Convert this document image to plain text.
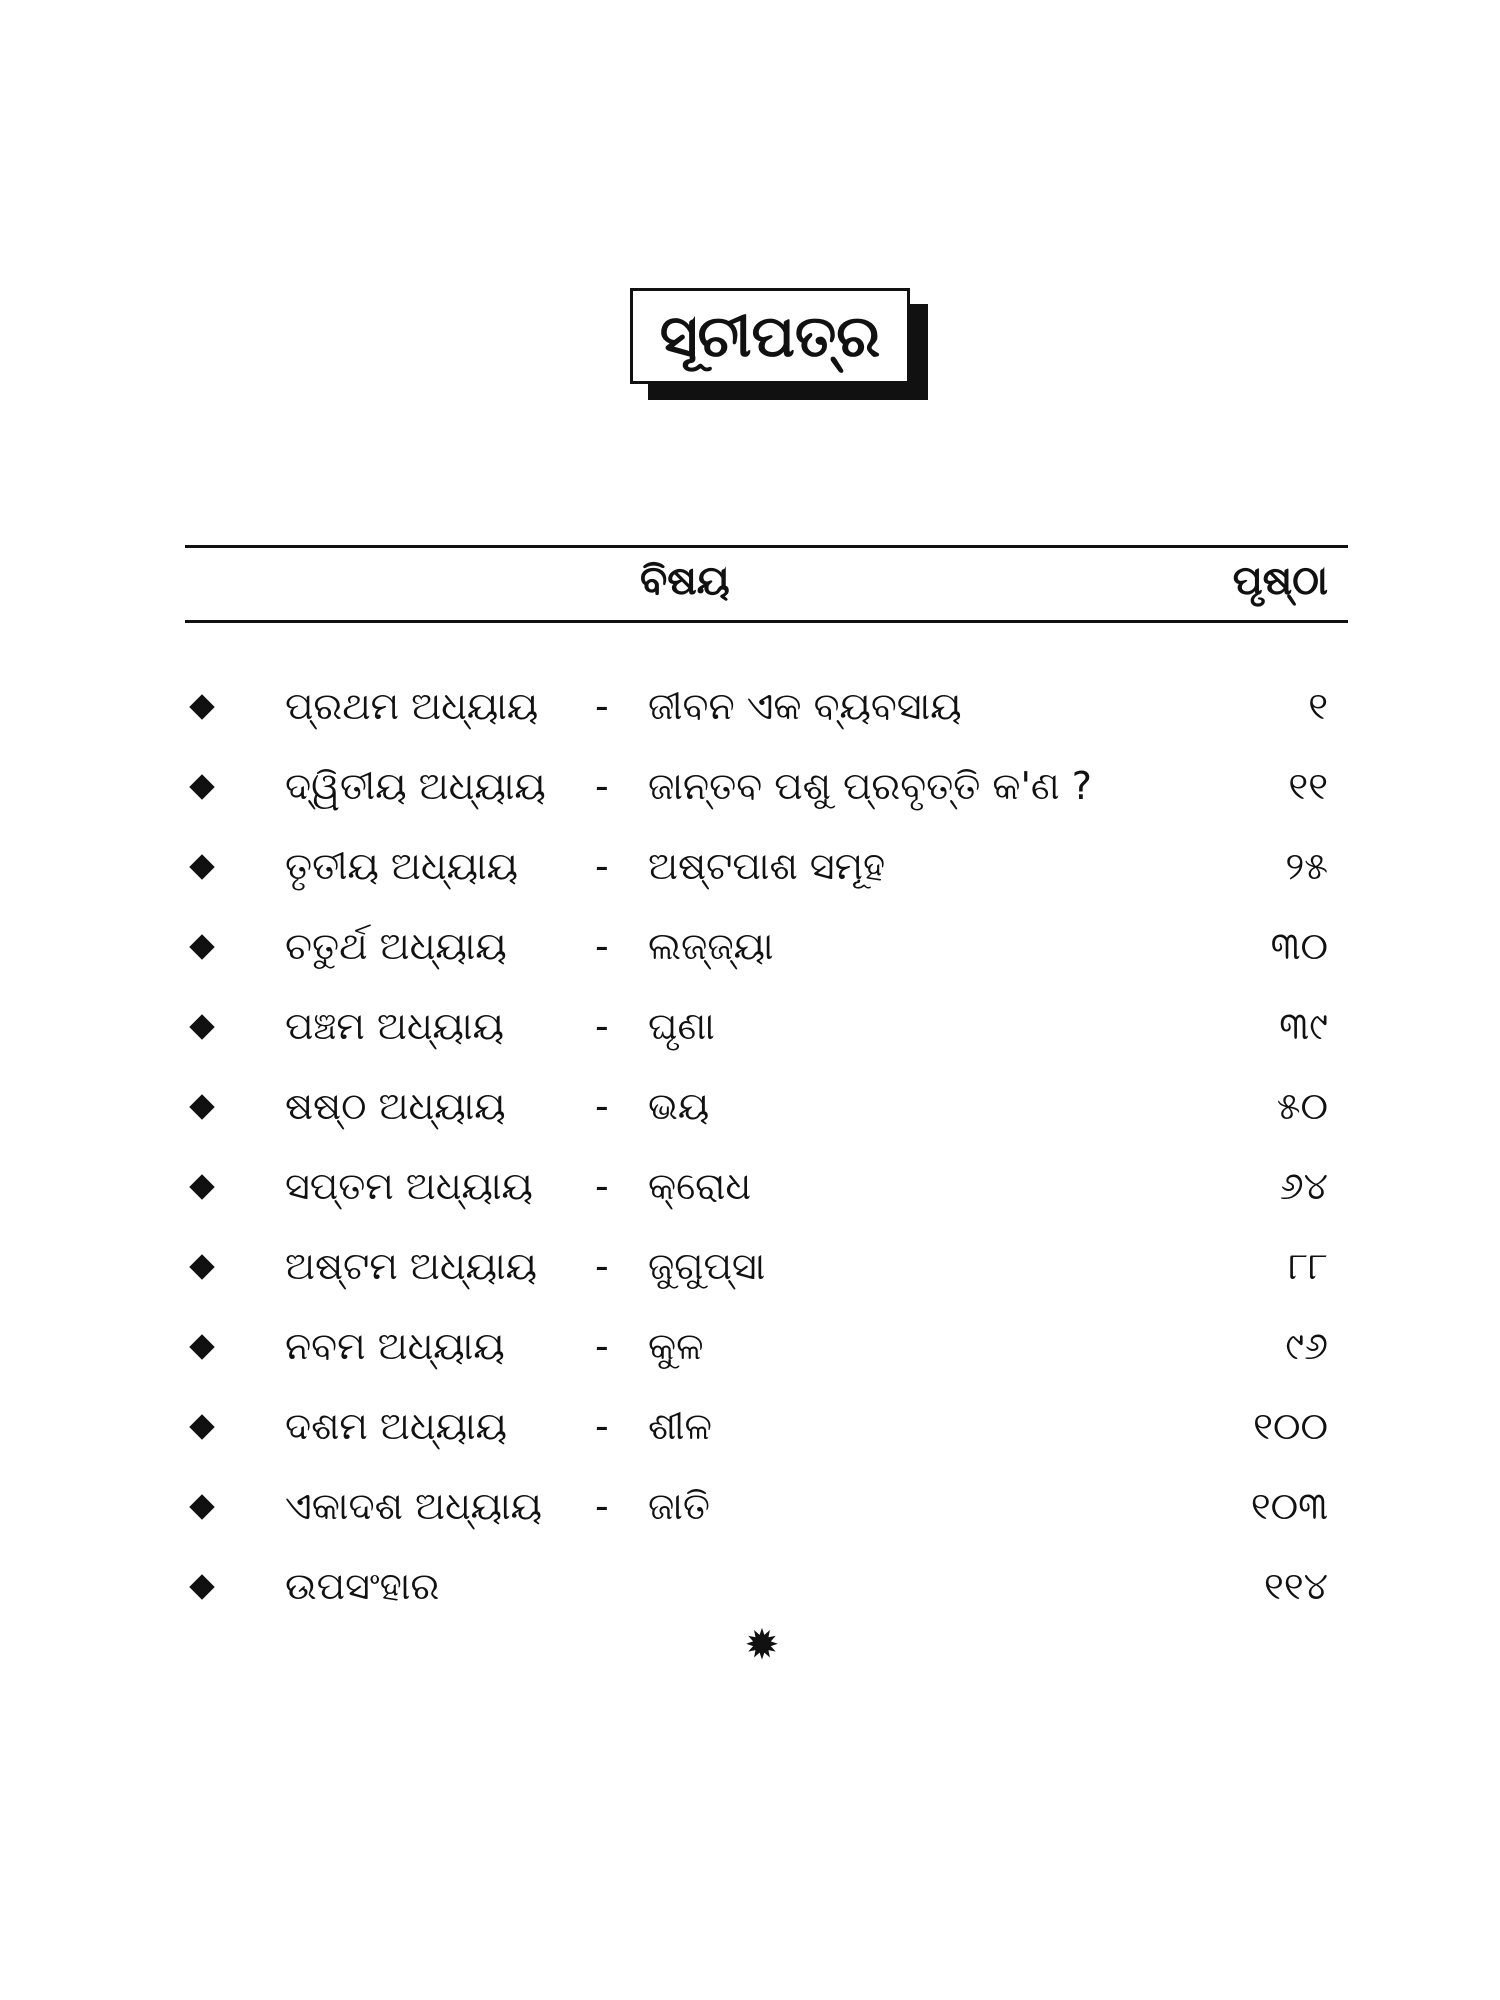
ସୂଚୀପତ୍ର
ବିଷୟ	ପୃଷ୍ଠା
ପ୍ରଥମ ଅଧ୍ୟାୟ - ଜୀବନ ଏକ ବ୍ୟବସାୟ	୧
ଦ୍ୱିତୀୟ ଅଧ୍ୟାୟ - ଜାନ୍ତବ ପଶୁ ପ୍ରବୃତ୍ତି କ'ଣ ?	୧୧
ତୃତୀୟ ଅଧ୍ୟାୟ - ଅଷ୍ଟପାଶ ସମୂହ	୨୫
ଚତୁର୍ଥ ଅଧ୍ୟାୟ - ଲଜ୍ଜ୍ୟା	୩୦
ପଞ୍ଚମ ଅଧ୍ୟାୟ - ଘୃଣା	୩୯
ଷଷ୍ଠ ଅଧ୍ୟାୟ - ଭୟ	୫୦
ସପ୍ତମ ଅଧ୍ୟାୟ - କ୍ରୋଧ	୬୪
ଅଷ୍ଟମ ଅଧ୍ୟାୟ - ଜୁଗୁପ୍ସା	୮୮
ନବମ ଅଧ୍ୟାୟ - କୁଳ	୯୬
ଦଶମ ଅଧ୍ୟାୟ - ଶୀଳ	୧୦୦
ଏକାଦଶ ଅଧ୍ୟାୟ - ଜାତି	୧୦୩
ଉପସଂହାର	୧୧୪
✹
